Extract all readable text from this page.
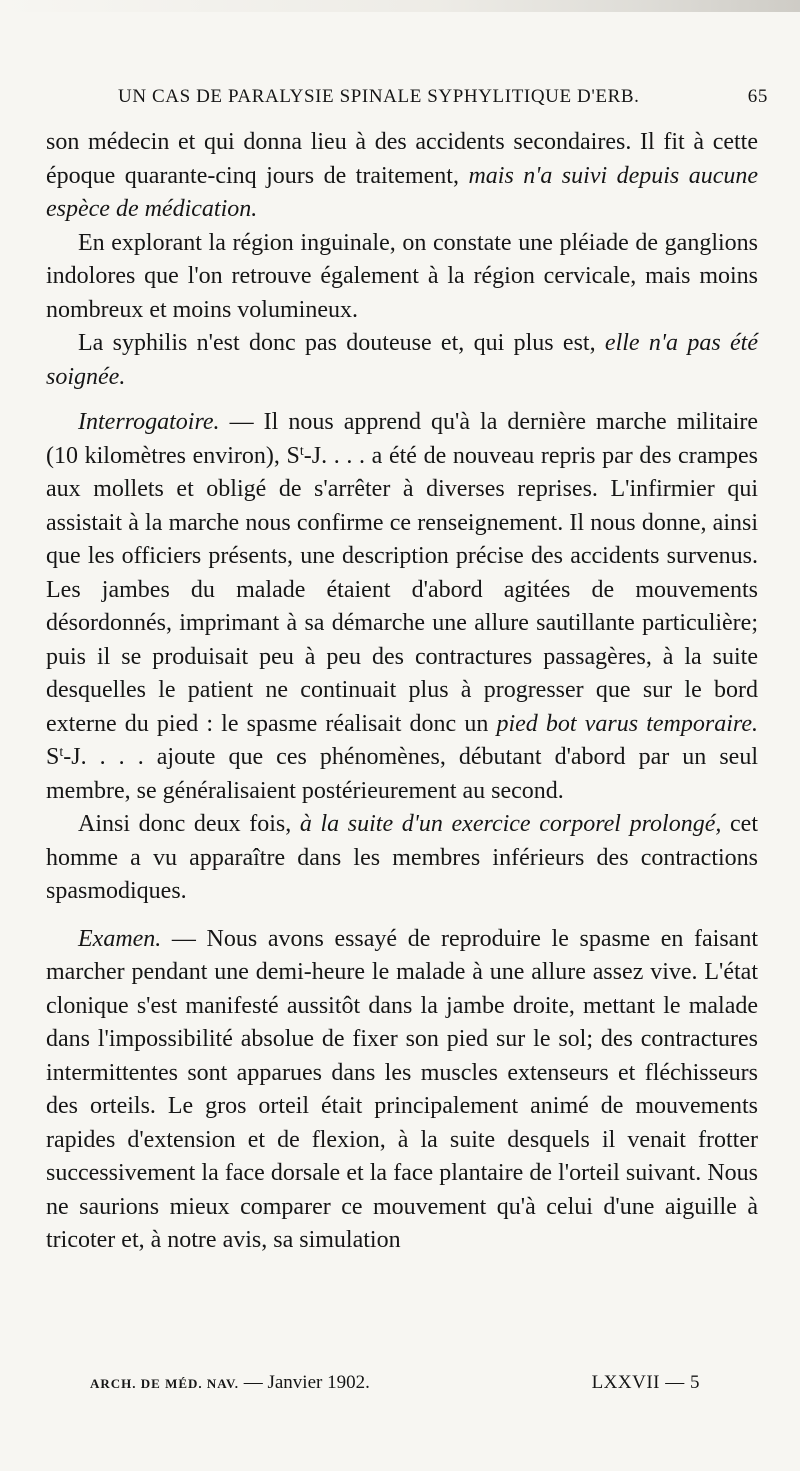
UN CAS DE PARALYSIE SPINALE SYPHYLITIQUE D'ERB.	65

son médecin et qui donna lieu à des accidents secondaires. Il fit à cette époque quarante-cinq jours de traitement, mais n'a suivi depuis aucune espèce de médication.

En explorant la région inguinale, on constate une pléiade de ganglions indolores que l'on retrouve également à la région cervicale, mais moins nombreux et moins volumineux.

La syphilis n'est donc pas douteuse et, qui plus est, elle n'a pas été soignée.

Interrogatoire. — Il nous apprend qu'à la dernière marche militaire (10 kilomètres environ), $S^t-J$. . . . a été de nouveau repris par des crampes aux mollets et obligé de s'arrêter à diverses reprises. L'infirmier qui assistait à la marche nous confirme ce renseignement. Il nous donne, ainsi que les officiers présents, une description précise des accidents survenus. Les jambes du malade étaient d'abord agitées de mouvements désordonnés, imprimant à sa démarche une allure sautillante particulière; puis il se produisait peu à peu des contractures passagères, à la suite desquelles le patient ne continuait plus à progresser que sur le bord externe du pied : le spasme réalisait donc un pied bot varus temporaire. $S^t-J$. . . . ajoute que ces phénomènes, débutant d'abord par un seul membre, se généralisaient postérieurement au second.

Ainsi donc deux fois, à la suite d'un exercice corporel prolongé, cet homme a vu apparaître dans les membres inférieurs des contractions spasmodiques.

Examen. — Nous avons essayé de reproduire le spasme en faisant marcher pendant une demi-heure le malade à une allure assez vive. L'état clonique s'est manifesté aussitôt dans la jambe droite, mettant le malade dans l'impossibilité absolue de fixer son pied sur le sol; des contractures intermittentes sont apparues dans les muscles extenseurs et fléchisseurs des orteils. Le gros orteil était principalement animé de mouvements rapides d'extension et de flexion, à la suite desquels il venait frotter successivement la face dorsale et la face plantaire de l'orteil suivant. Nous ne saurions mieux comparer ce mouvement qu'à celui d'une aiguille à tricoter et, à notre avis, sa simulation

ARCH. DE MÉD. NAV. — Janvier 1902.	LXXVII — 5
